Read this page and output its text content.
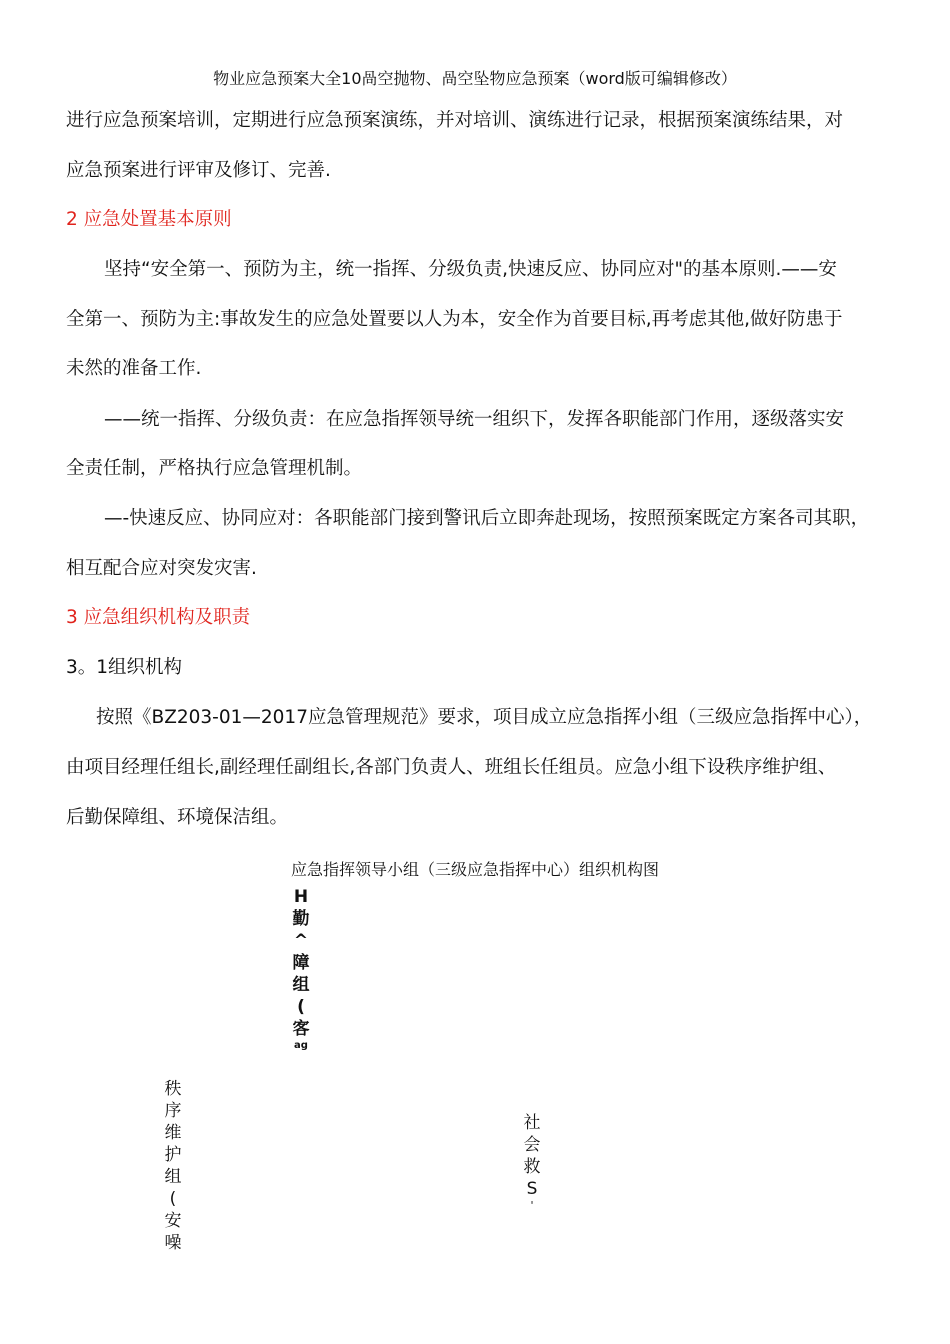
物业应急预案大全10咼空抛物、咼空坠物应急预案（word版可编辑修改）
进行应急预案培训，定期进行应急预案演练，并对培训、演练进行记录，根据预案演练结果，对
应急预案进行评审及修订、完善.
2 应急处置基本原则
坚持“安全第一、预防为主，统一指挥、分级负责,快速反应、协同应对"的基本原则.——安
全第一、预防为主:事故发生的应急处置要以人为本，安全作为首要目标,再考虑其他,做好防患于
未然的准备工作.
——统一指挥、分级负责：在应急指挥领导统一组织下，发挥各职能部门作用，逐级落实安
全责任制，严格执行应急管理机制。
—-快速反应、协同应对：各职能部门接到警讯后立即奔赴现场，按照预案既定方案各司其职，
相互配合应对突发灾害.
3 应急组织机构及职责
3。1组织机构
按照《BZ203-01—2017应急管理规范》要求，项目成立应急指挥小组（三级应急指挥中心），
由项目经理任组长,副经理任副组长,各部门负责人、班组长任组员。应急小组下设秩序维护组、
后勤保障组、环境保洁组。
应急指挥领导小组（三级应急指挥中心）组织机构图
H
勤
^
障
组
(
客
ag
秩
序
维
护
组
(
安
噪
社
会
救
S
'
